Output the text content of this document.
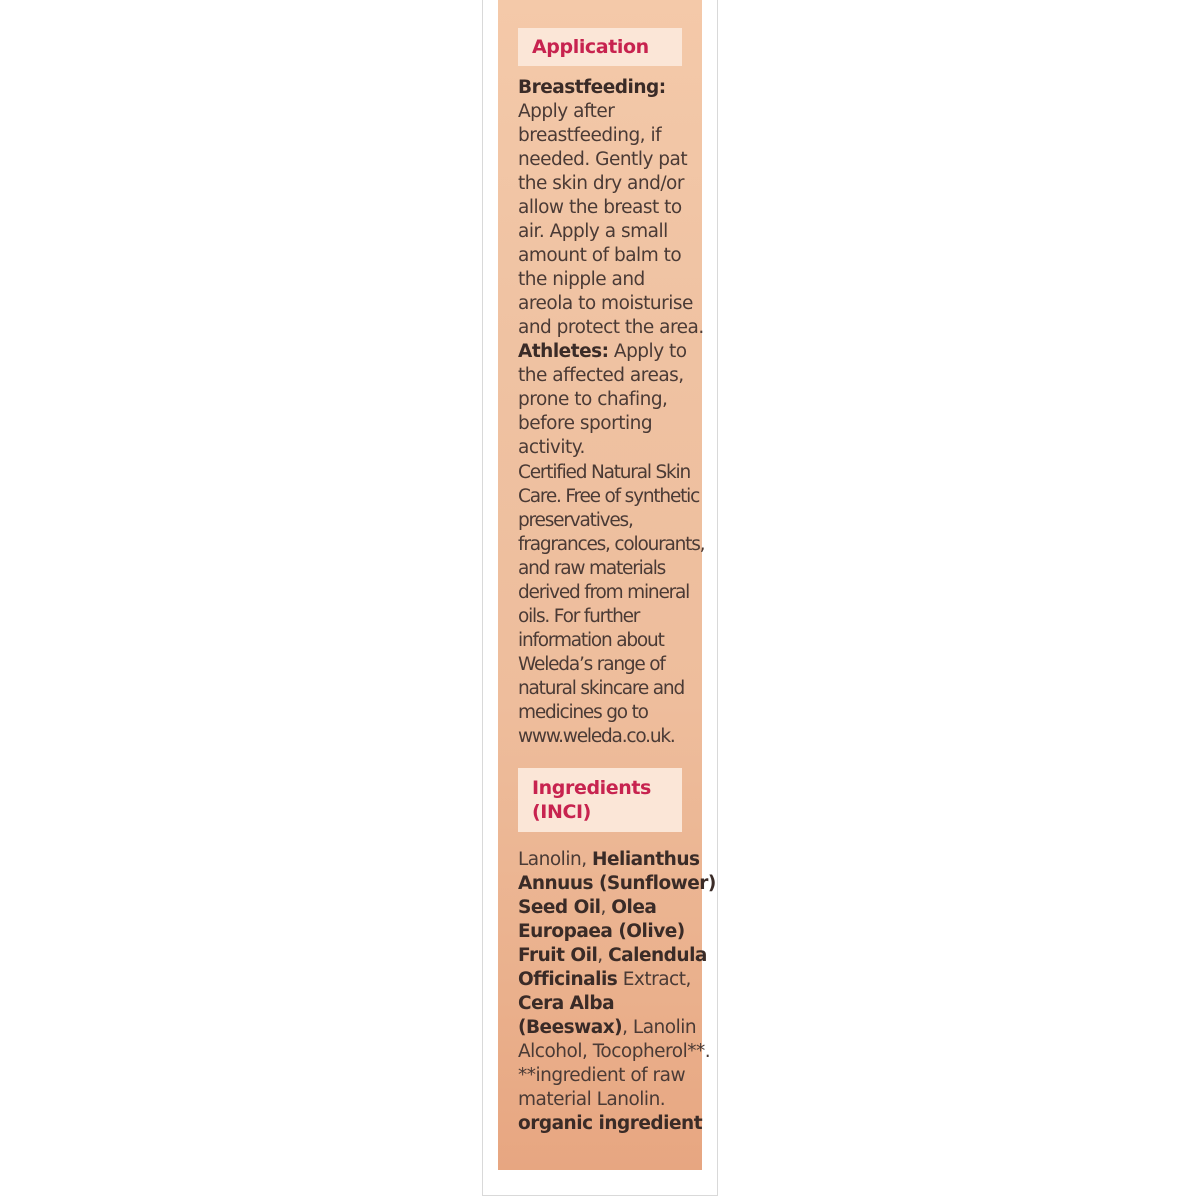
Application
Breastfeeding:
Apply after
breastfeeding, if
needed. Gently pat
the skin dry and/or
allow the breast to
air. Apply a small
amount of balm to
the nipple and
areola to moisturise
and protect the area.
Athletes: Apply to
the affected areas,
prone to chafing,
before sporting
activity.
Certified Natural Skin
Care. Free of synthetic
preservatives,
fragrances, colourants,
and raw materials
derived from mineral
oils. For further
information about
Weleda’s range of
natural skincare and
medicines go to
www.weleda.co.uk.
Ingredients
(INCI)
Lanolin, Helianthus
Annuus (Sunflower)
Seed Oil, Olea
Europaea (Olive)
Fruit Oil, Calendula
Officinalis Extract,
Cera Alba
(Beeswax), Lanolin
Alcohol, Tocopherol**.
**ingredient of raw
material Lanolin.
organic ingredient
